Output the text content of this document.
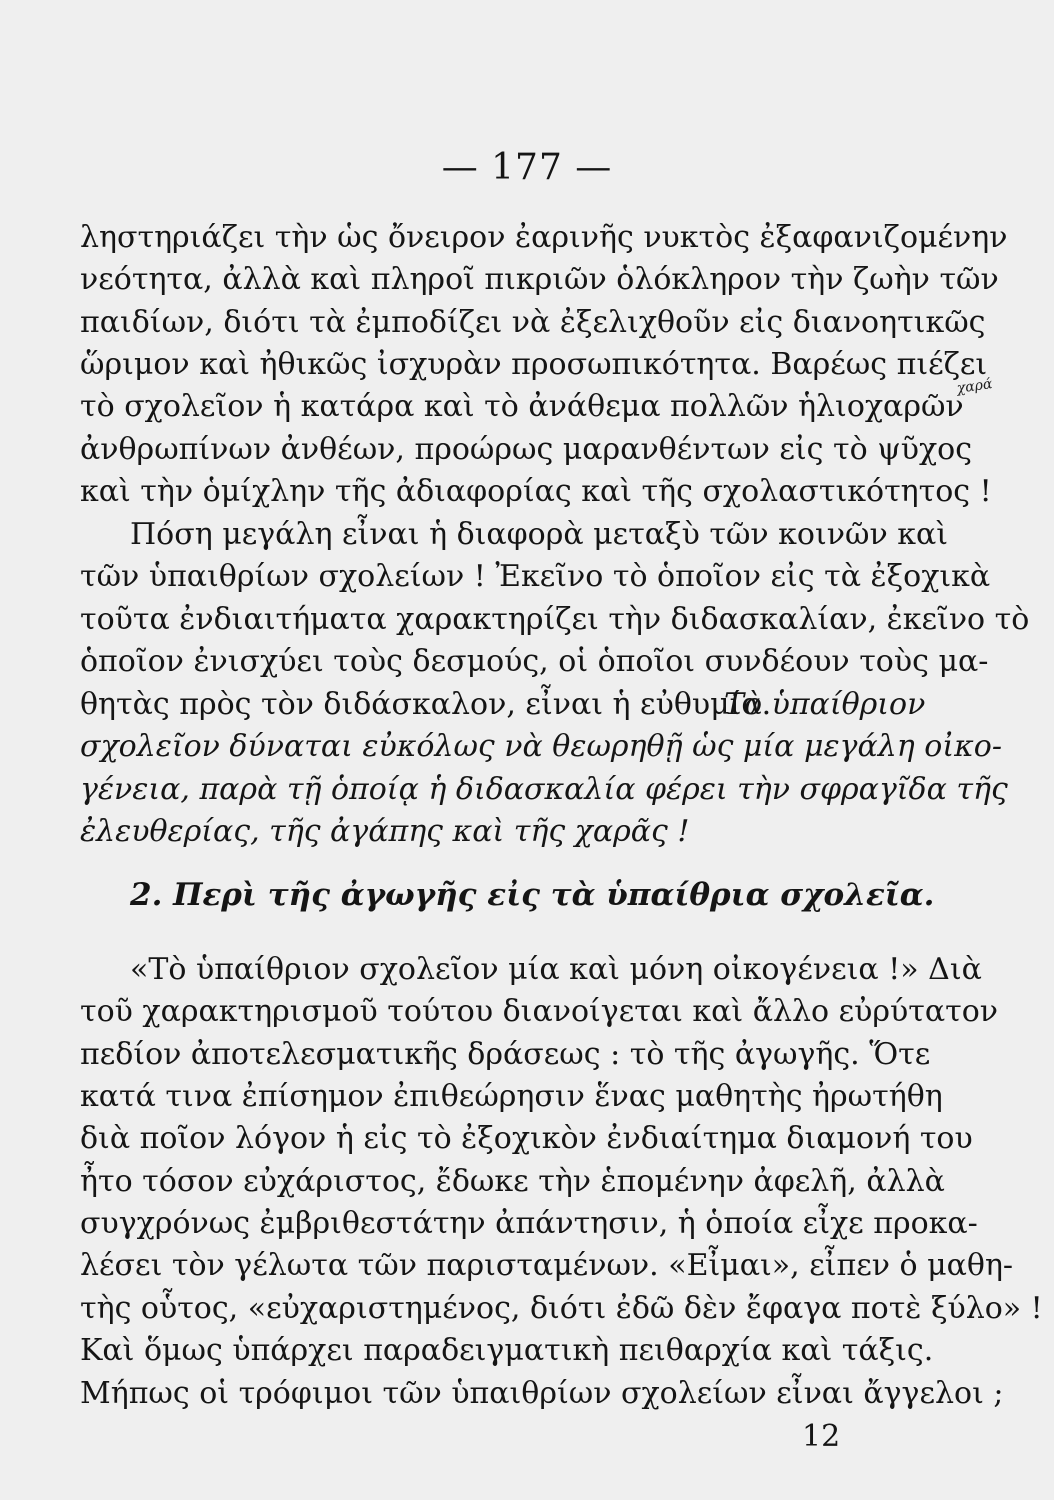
— 177 —
χαρά
ληστηριάζει τὴν ὡς ὄνειρον ἐαρινῆς νυκτὸς ἐξαφανιζομένην
νεότητα, ἀλλὰ καὶ πληροῖ πικριῶν ὁλόκληρον τὴν ζωὴν τῶν
παιδίων, διότι τὰ ἐμποδίζει νὰ ἐξελιχθοῦν εἰς διανοητικῶς
ὥριμον καὶ ἠθικῶς ἰσχυρὰν προσωπικότητα. Βαρέως πιέζει
τὸ σχολεῖον ἡ κατάρα καὶ τὸ ἀνάθεμα πολλῶν ἡλιοχαρῶν
ἀνθρωπίνων ἀνθέων, προώρως μαρανθέντων εἰς τὸ ψῦχος
καὶ τὴν ὁμίχλην τῆς ἀδιαφορίας καὶ τῆς σχολαστικότητος !
Πόση μεγάλη εἶναι ἡ διαφορὰ μεταξὺ τῶν κοινῶν καὶ
τῶν ὑπαιθρίων σχολείων ! Ἐκεῖνο τὸ ὁποῖον εἰς τὰ ἐξοχικὰ
τοῦτα ἐνδιαιτήματα χαρακτηρίζει τὴν διδασκαλίαν, ἐκεῖνο τὸ
ὁποῖον ἐνισχύει τοὺς δεσμούς, οἱ ὁποῖοι συνδέουν τοὺς μα-
θητὰς πρὸς τὸν διδάσκαλον, εἶναι ἡ εὐθυμία.
Τὸ ὑπαίθριον
σχολεῖον δύναται εὐκόλως νὰ θεωρηθῇ ὡς μία μεγάλη οἰκο-
γένεια, παρὰ τῇ ὁποίᾳ ἡ διδασκαλία φέρει τὴν σφραγῖδα τῆς
ἐλευθερίας, τῆς ἀγάπης καὶ τῆς χαρᾶς !
2. Περὶ τῆς ἀγωγῆς εἰς τὰ ὑπαίθρια σχολεῖα.
«Τὸ ὑπαίθριον σχολεῖον μία καὶ μόνη οἰκογένεια !» Διὰ
τοῦ χαρακτηρισμοῦ τούτου διανοίγεται καὶ ἄλλο εὐρύτατον
πεδίον ἀποτελεσματικῆς δράσεως : τὸ τῆς ἀγωγῆς. Ὅτε
κατά τινα ἐπίσημον ἐπιθεώρησιν ἕνας μαθητὴς ἠρωτήθη
διὰ ποῖον λόγον ἡ εἰς τὸ ἐξοχικὸν ἐνδιαίτημα διαμονή του
ἦτο τόσον εὐχάριστος, ἔδωκε τὴν ἑπομένην ἀφελῆ, ἀλλὰ
συγχρόνως ἐμβριθεστάτην ἀπάντησιν, ἡ ὁποία εἶχε προκα-
λέσει τὸν γέλωτα τῶν παρισταμένων. «Εἶμαι», εἶπεν ὁ μαθη-
τὴς οὗτος, «εὐχαριστημένος, διότι ἐδῶ δὲν ἔφαγα ποτὲ ξύλο» !
Καὶ ὅμως ὑπάρχει παραδειγματικὴ πειθαρχία καὶ τάξις.
Μήπως οἱ τρόφιμοι τῶν ὑπαιθρίων σχολείων εἶναι ἄγγελοι ;
12
